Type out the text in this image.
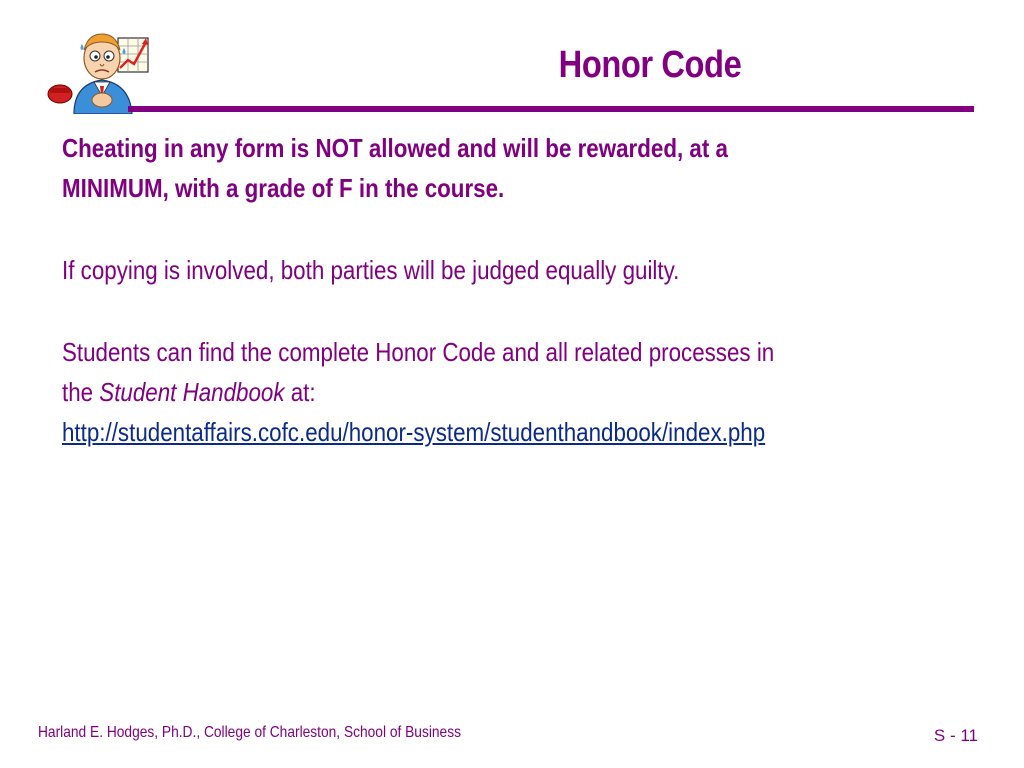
Honor Code

Cheating in any form is NOT allowed and will be rewarded, at a
MINIMUM, with a grade of F in the course.

If copying is involved, both parties will be judged equally guilty.

Students can find the complete Honor Code and all related processes in
the Student Handbook at:
http://studentaffairs.cofc.edu/honor-system/studenthandbook/index.php

Harland E. Hodges, Ph.D., College of Charleston, School of Business	S - 11
